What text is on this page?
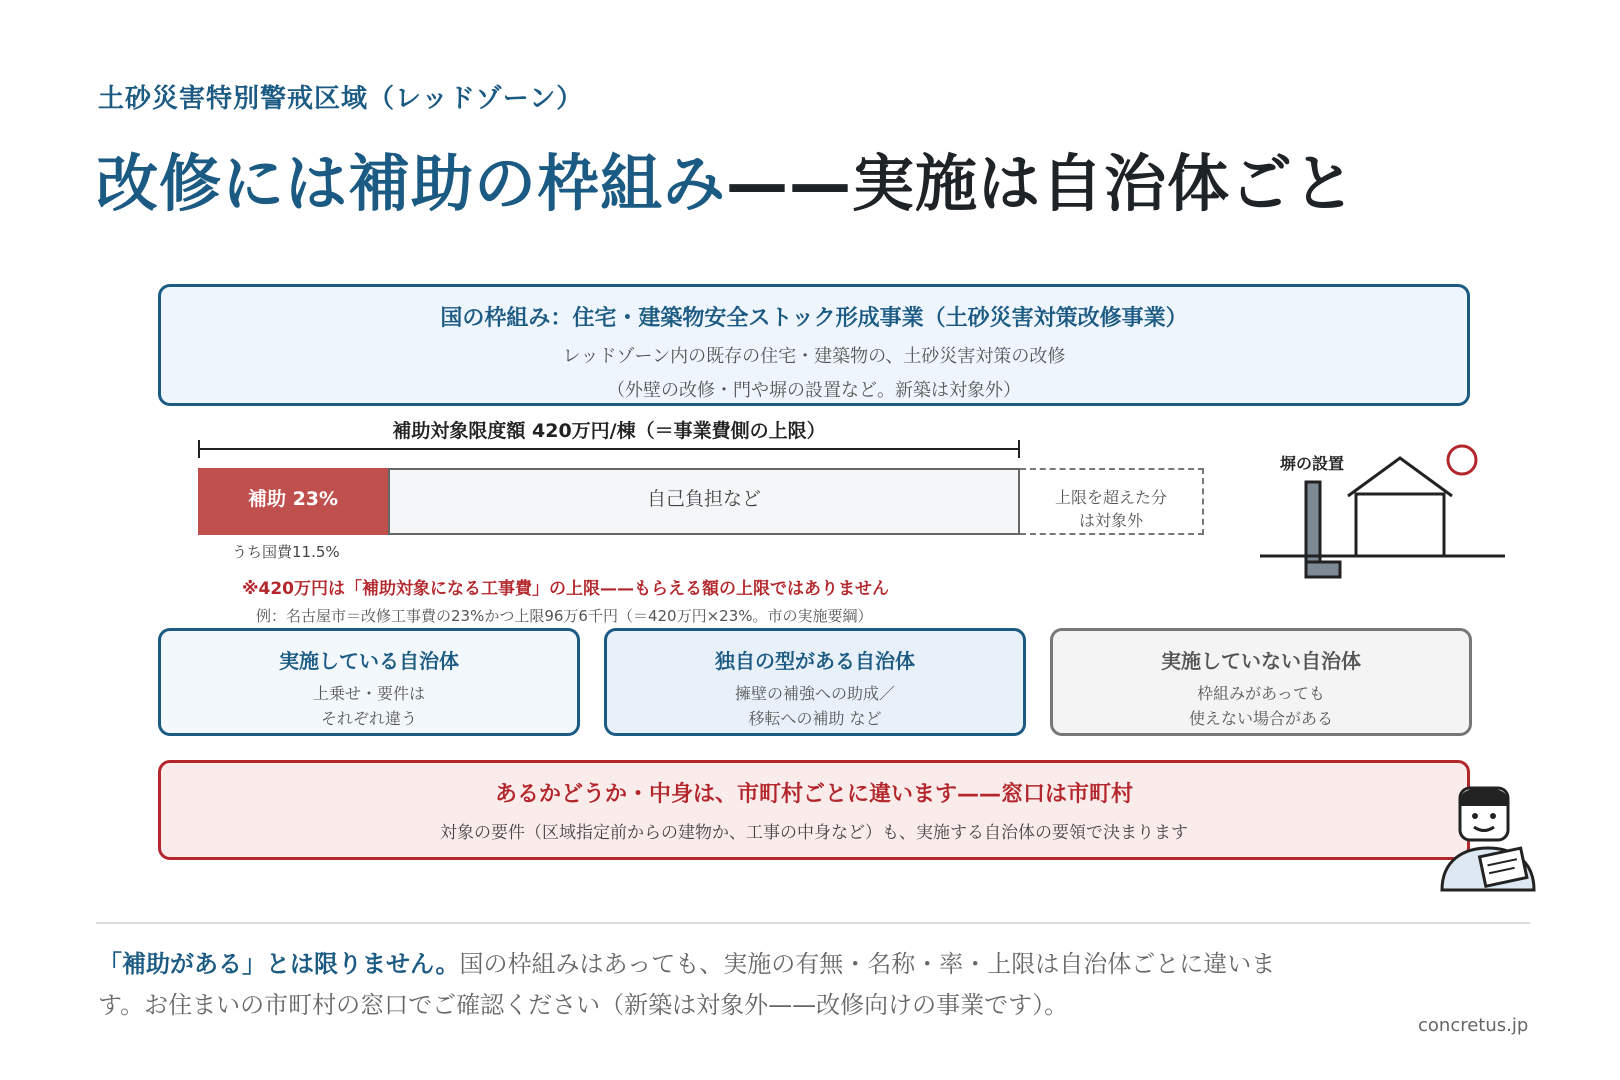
土砂災害特別警戒区域（レッドゾーン）
改修には補助の枠組み——実施は自治体ごと
国の枠組み：住宅・建築物安全ストック形成事業（土砂災害対策改修事業）
レッドゾーン内の既存の住宅・建築物の、土砂災害対策の改修
（外壁の改修・門や塀の設置など。新築は対象外）
補助対象限度額 420万円/棟（＝事業費側の上限）
補助 23%	自己負担など	上限を超えた分
は対象外
うち国費11.5%
※420万円は「補助対象になる工事費」の上限——もらえる額の上限ではありません
例：名古屋市＝改修工事費の23%かつ上限96万6千円（＝420万円×23%。市の実施要綱）
塀の設置
実施している自治体
上乗せ・要件は
それぞれ違う
独自の型がある自治体
擁壁の補強への助成／
移転への補助 など
実施していない自治体
枠組みがあっても
使えない場合がある
あるかどうか・中身は、市町村ごとに違います——窓口は市町村
対象の要件（区域指定前からの建物か、工事の中身など）も、実施する自治体の要領で決まります
「補助がある」とは限りません。国の枠組みはあっても、実施の有無・名称・率・上限は自治体ごとに違います。お住まいの市町村の窓口でご確認ください（新築は対象外——改修向けの事業です）。
concretus.jp
